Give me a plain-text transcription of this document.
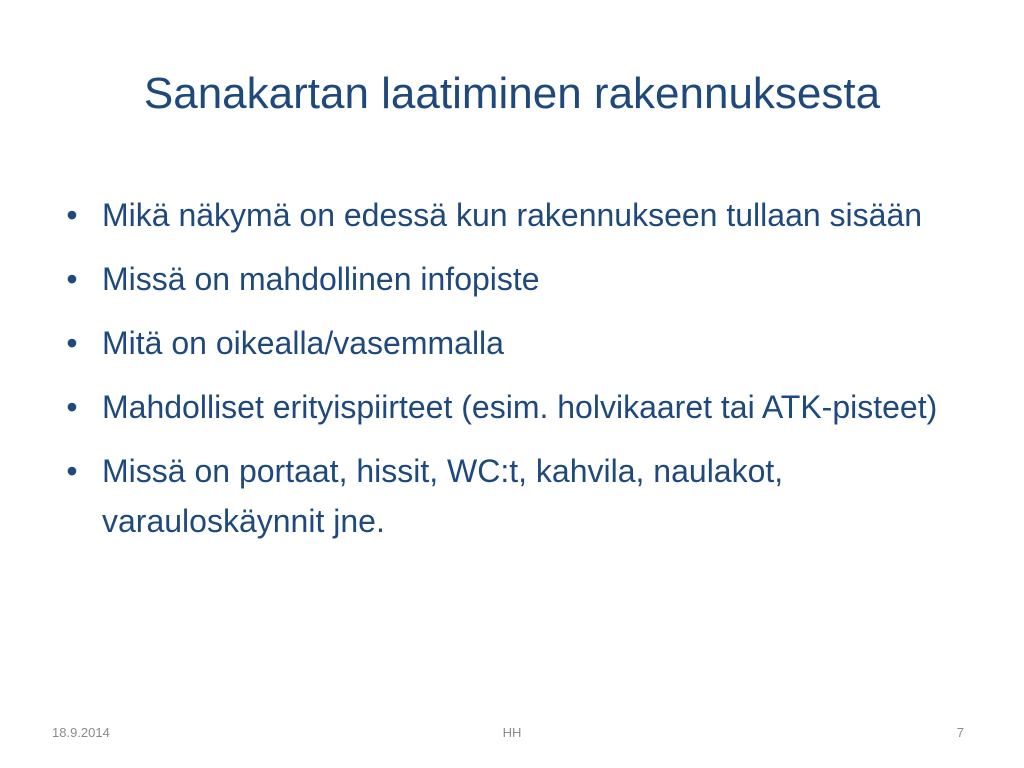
Sanakartan laatiminen rakennuksesta
• Mikä näkymä on edessä kun rakennukseen tullaan sisään
• Missä on mahdollinen infopiste
• Mitä on oikealla/vasemmalla
• Mahdolliset erityispiirteet (esim. holvikaaret tai ATK-pisteet)
• Missä on portaat, hissit, WC:t, kahvila, naulakot, varauloskäynnit jne.
18.9.2014	HH	7
